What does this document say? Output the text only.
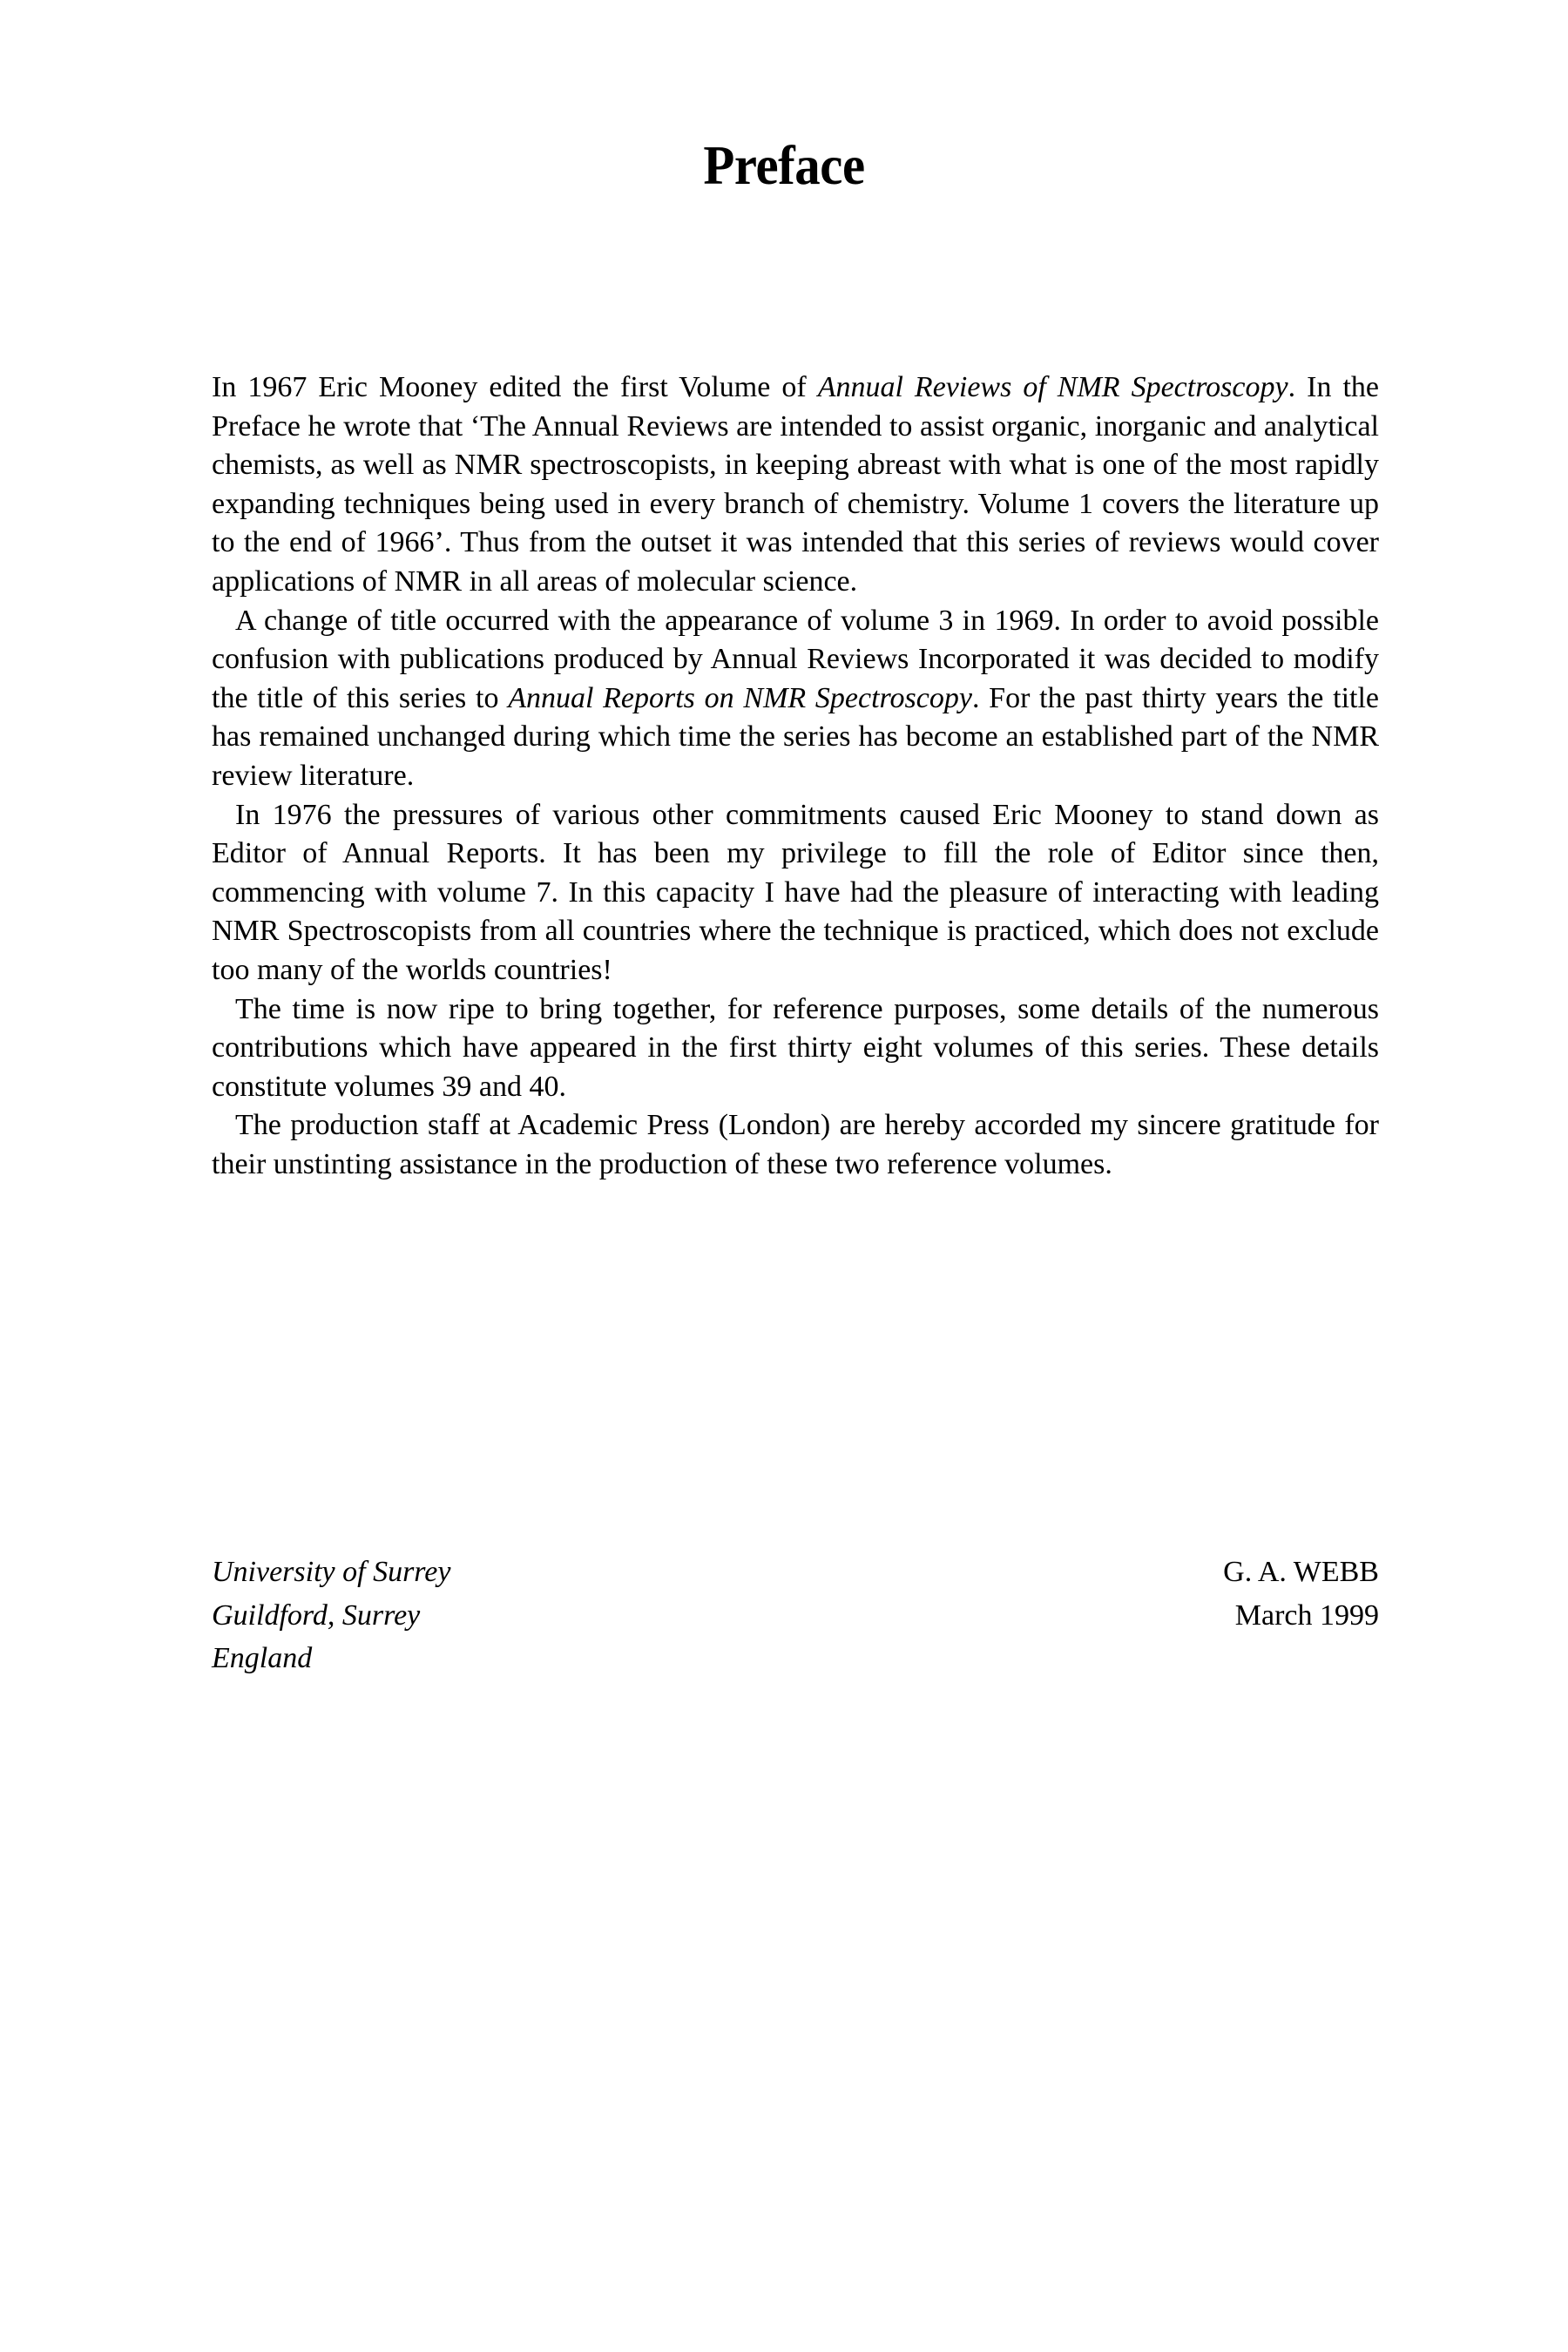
Preface

In 1967 Eric Mooney edited the first Volume of Annual Reviews of NMR Spectroscopy. In the Preface he wrote that ‘The Annual Reviews are intended to assist organic, inorganic and analytical chemists, as well as NMR spectroscopists, in keeping abreast with what is one of the most rapidly expanding techniques being used in every branch of chemistry. Volume 1 covers the literature up to the end of 1966’. Thus from the outset it was intended that this series of reviews would cover applications of NMR in all areas of molecular science.

A change of title occurred with the appearance of volume 3 in 1969. In order to avoid possible confusion with publications produced by Annual Reviews Incorporated it was decided to modify the title of this series to Annual Reports on NMR Spectroscopy. For the past thirty years the title has remained unchanged during which time the series has become an established part of the NMR review literature.

In 1976 the pressures of various other commitments caused Eric Mooney to stand down as Editor of Annual Reports. It has been my privilege to fill the role of Editor since then, commencing with volume 7. In this capacity I have had the pleasure of interacting with leading NMR Spectroscopists from all countries where the technique is practiced, which does not exclude too many of the worlds countries!

The time is now ripe to bring together, for reference purposes, some details of the numerous contributions which have appeared in the first thirty eight volumes of this series. These details constitute volumes 39 and 40.

The production staff at Academic Press (London) are hereby accorded my sincere gratitude for their unstinting assistance in the production of these two reference volumes.

University of Surrey
Guildford, Surrey
England
G. A. WEBB
March 1999
